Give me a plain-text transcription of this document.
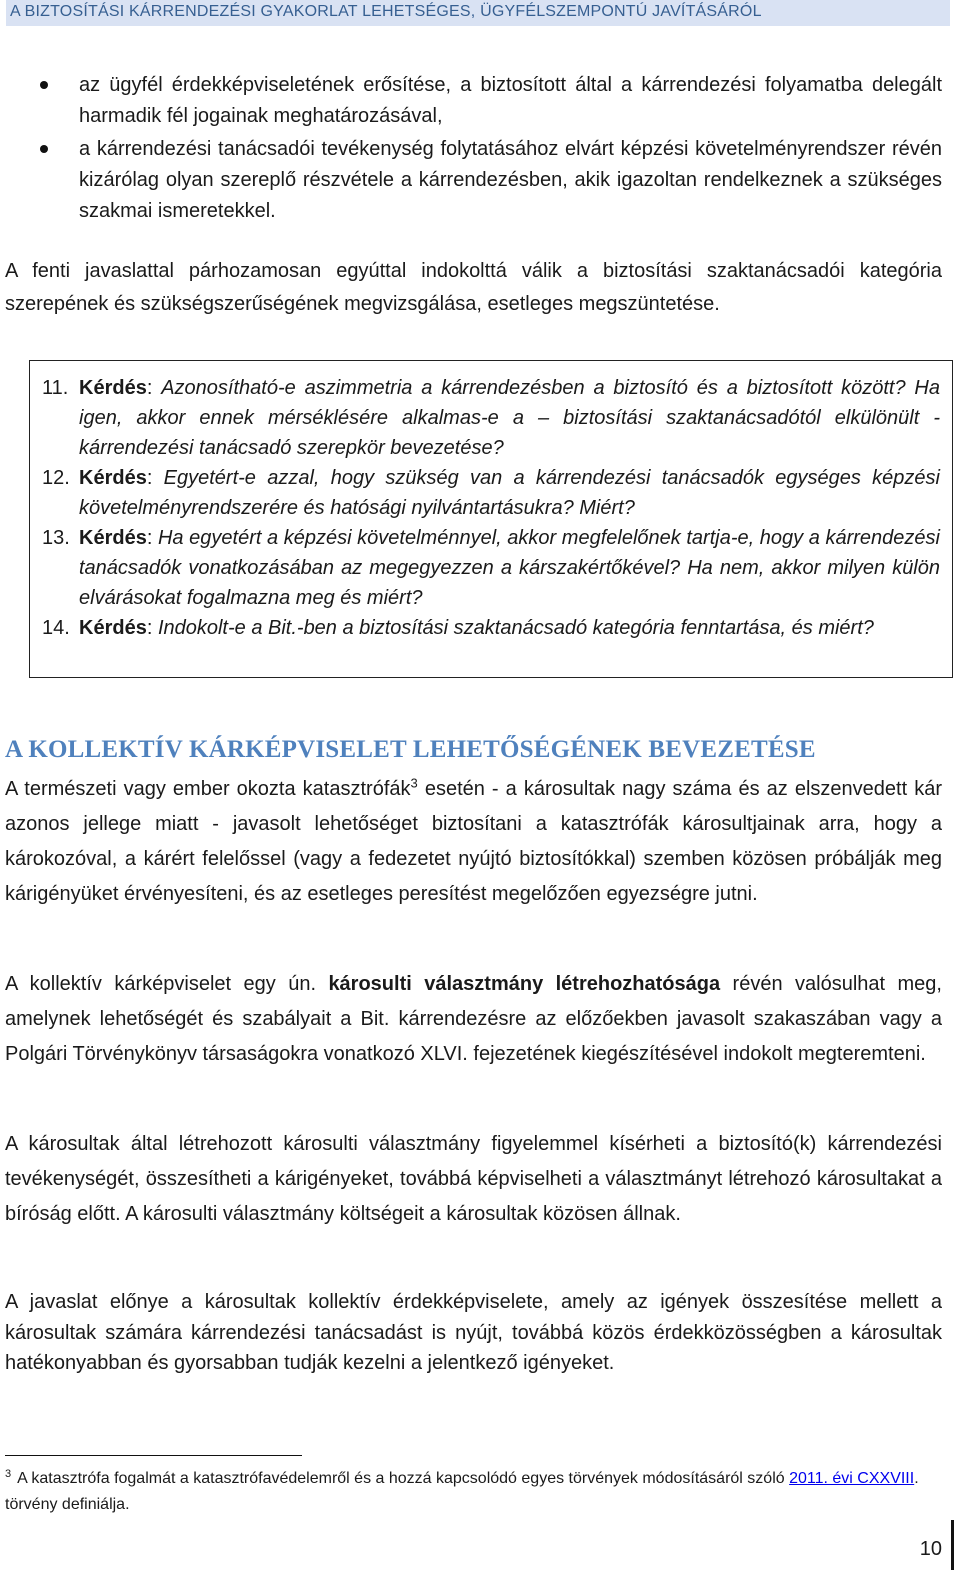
A BIZTOSÍTÁSI KÁRRENDEZÉSI GYAKORLAT LEHETSÉGES, ÜGYFÉLSZEMPONTÚ JAVÍTÁSÁRÓL
az ügyfél érdekképviseletének erősítése, a biztosított által a kárrendezési folyamatba delegált harmadik fél jogainak meghatározásával,
a kárrendezési tanácsadói tevékenység folytatásához elvárt képzési követelményrendszer révén kizárólag olyan szereplő részvétele a kárrendezésben, akik igazoltan rendelkeznek a szükséges szakmai ismeretekkel.

A fenti javaslattal párhozamosan egyúttal indokolttá válik a biztosítási szaktanácsadói kategória szerepének és szükségszerűségének megvizsgálása, esetleges megszüntetése.

11. Kérdés: Azonosítható-e aszimmetria a kárrendezésben a biztosító és a biztosított között? Ha igen, akkor ennek mérséklésére alkalmas-e a – biztosítási szaktanácsadótól elkülönült - kárrendezési tanácsadó szerepkör bevezetése?
12. Kérdés: Egyetért-e azzal, hogy szükség van a kárrendezési tanácsadók egységes képzési követelményrendszerére és hatósági nyilvántartásukra? Miért?
13. Kérdés: Ha egyetért a képzési követelménnyel, akkor megfelelőnek tartja-e, hogy a kárrendezési tanácsadók vonatkozásában az megegyezzen a kárszakértőkével? Ha nem, akkor milyen külön elvárásokat fogalmazna meg és miért?
14. Kérdés: Indokolt-e a Bit.-ben a biztosítási szaktanácsadó kategória fenntartása, és miért?
A KOLLEKTÍV KÁRKÉPVISELET LEHETŐSÉGÉNEK BEVEZETÉSE

A természeti vagy ember okozta katasztrófák$^3$ esetén - a károsultak nagy száma és az elszenvedett kár azonos jellege miatt - javasolt lehetőséget biztosítani a katasztrófák károsultjainak arra, hogy a károkozóval, a kárért felelőssel (vagy a fedezetet nyújtó biztosítókkal) szemben közösen próbálják meg kárigényüket érvényesíteni, és az esetleges peresítést megelőzően egyezségre jutni.

A kollektív kárképviselet egy ún. károsulti választmány létrehozhatósága révén valósulhat meg, amelynek lehetőségét és szabályait a Bit. kárrendezésre az előzőekben javasolt szakaszában vagy a Polgári Törvénykönyv társaságokra vonatkozó XLVI. fejezetének kiegészítésével indokolt megteremteni.

A károsultak által létrehozott károsulti választmány figyelemmel kísérheti a biztosító(k) kárrendezési tevékenységét, összesítheti a kárigényeket, továbbá képviselheti a választmányt létrehozó károsultakat a bíróság előtt. A károsulti választmány költségeit a károsultak közösen állnak.

A javaslat előnye a károsultak kollektív érdekképviselete, amely az igények összesítése mellett a károsultak számára kárrendezési tanácsadást is nyújt, továbbá közös érdekközösségben a károsultak hatékonyabban és gyorsabban tudják kezelni a jelentkező igényeket.

$^3$ A katasztrófa fogalmát a katasztrófavédelemről és a hozzá kapcsolódó egyes törvények módosításáról szóló 2011. évi CXXVIII. törvény definiálja.

10
